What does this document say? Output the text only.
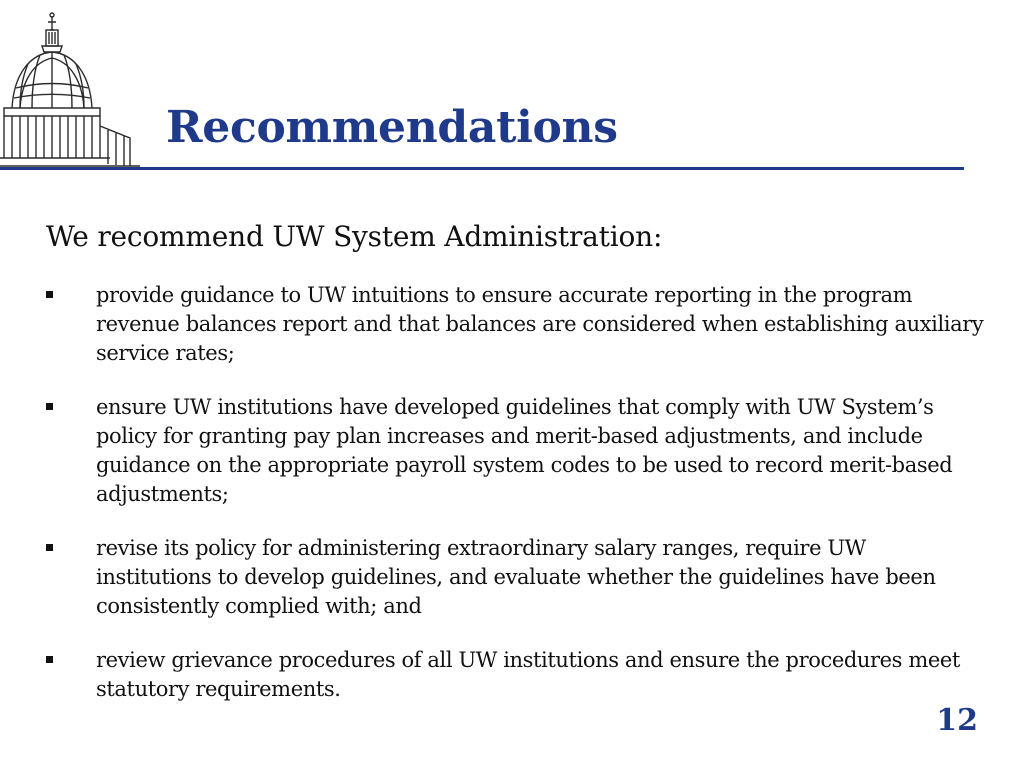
Recommendations

We recommend UW System Administration:

provide guidance to UW intuitions to ensure accurate reporting in the program revenue balances report and that balances are considered when establishing auxiliary service rates;
ensure UW institutions have developed guidelines that comply with UW System’s policy for granting pay plan increases and merit-based adjustments, and include guidance on the appropriate payroll system codes to be used to record merit-based adjustments;
revise its policy for administering extraordinary salary ranges, require UW institutions to develop guidelines, and evaluate whether the guidelines have been consistently complied with; and
review grievance procedures of all UW institutions and ensure the procedures meet statutory requirements.
12
